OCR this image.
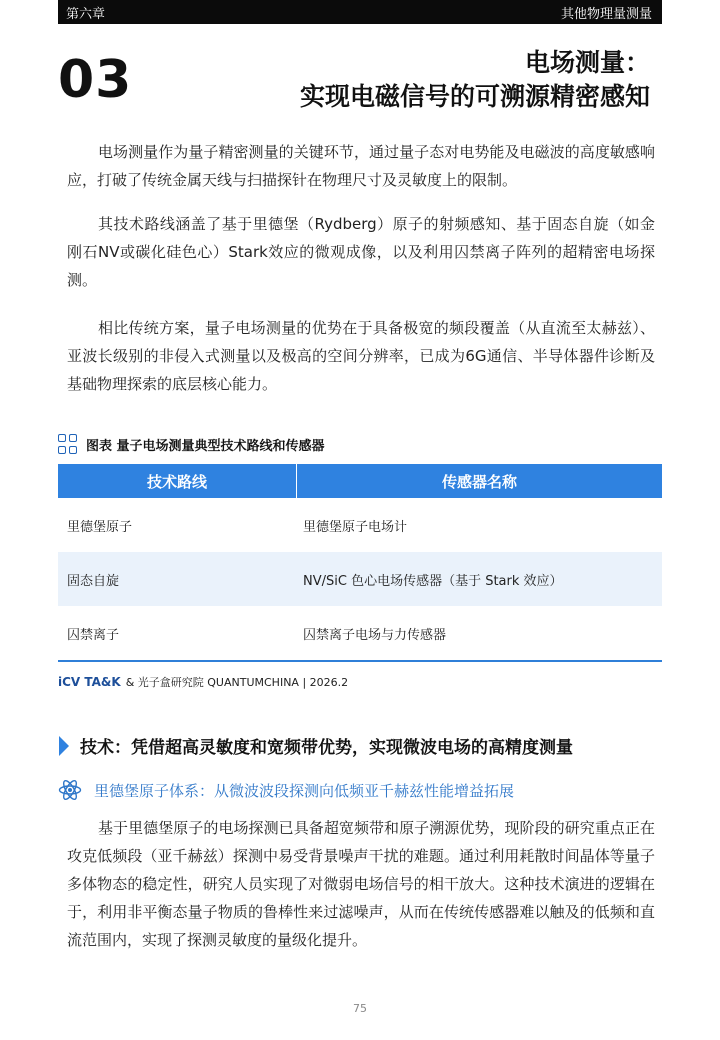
第六章	其他物理量测量
03	电场测量：
实现电磁信号的可溯源精密感知

电场测量作为量子精密测量的关键环节，通过量子态对电势能及电磁波的高度敏感响应，打破了传统金属天线与扫描探针在物理尺寸及灵敏度上的限制。

其技术路线涵盖了基于里德堡（Rydberg）原子的射频感知、基于固态自旋（如金刚石NV或碳化硅色心）Stark效应的微观成像，以及利用囚禁离子阵列的超精密电场探测。

相比传统方案，量子电场测量的优势在于具备极宽的频段覆盖（从直流至太赫兹）、亚波长级别的非侵入式测量以及极高的空间分辨率，已成为6G通信、半导体器件诊断及基础物理探索的底层核心能力。

图表 量子电场测量典型技术路线和传感器
技术路线	传感器名称
里德堡原子	里德堡原子电场计
固态自旋	NV/SiC 色心电场传感器（基于 Stark 效应）
囚禁离子	囚禁离子电场与力传感器
iCV TA&K & 光子盒研究院 QUANTUMCHINA | 2026.2
技术：凭借超高灵敏度和宽频带优势，实现微波电场的高精度测量
里德堡原子体系：从微波波段探测向低频亚千赫兹性能增益拓展

基于里德堡原子的电场探测已具备超宽频带和原子溯源优势，现阶段的研究重点正在攻克低频段（亚千赫兹）探测中易受背景噪声干扰的难题。通过利用耗散时间晶体等量子多体物态的稳定性，研究人员实现了对微弱电场信号的相干放大。这种技术演进的逻辑在于，利用非平衡态量子物质的鲁棒性来过滤噪声，从而在传统传感器难以触及的低频和直流范围内，实现了探测灵敏度的量级化提升。

75
